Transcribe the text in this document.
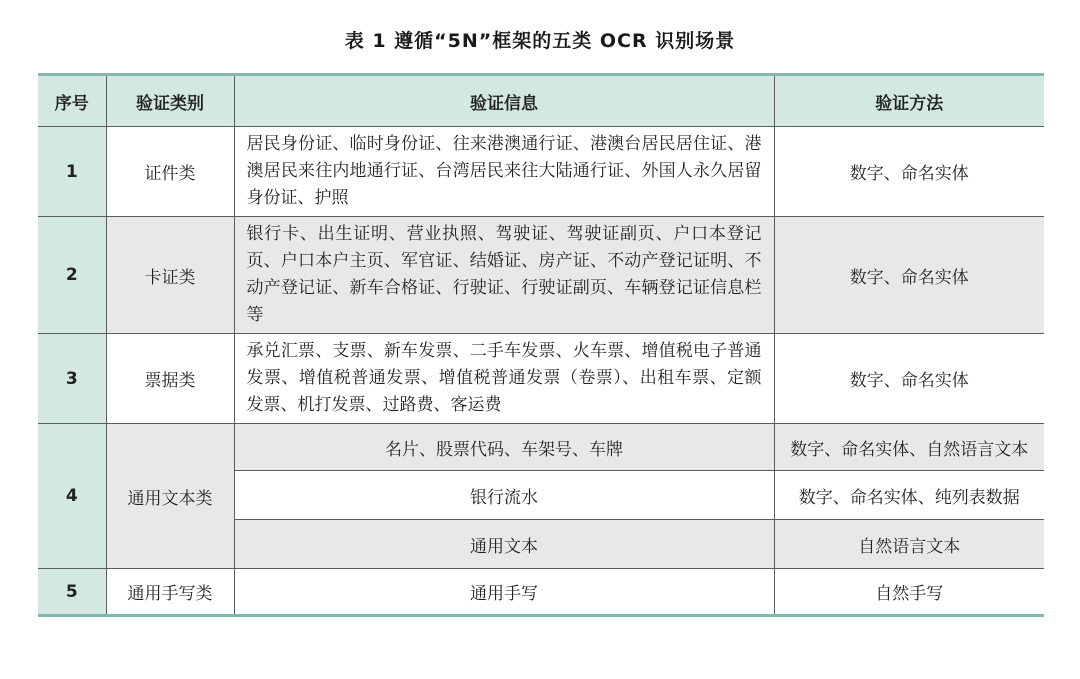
表 1 遵循“5N”框架的五类 OCR 识别场景
序号	验证类别	验证信息	验证方法
1	证件类	居民身份证、临时身份证、往来港澳通行证、港澳台居民居住证、港澳居民来往内地通行证、台湾居民来往大陆通行证、外国人永久居留身份证、护照	数字、命名实体
2	卡证类	银行卡、出生证明、营业执照、驾驶证、驾驶证副页、户口本登记页、户口本户主页、军官证、结婚证、房产证、不动产登记证明、不动产登记证、新车合格证、行驶证、行驶证副页、车辆登记证信息栏等	数字、命名实体
3	票据类	承兑汇票、支票、新车发票、二手车发票、火车票、增值税电子普通发票、增值税普通发票、增值税普通发票（卷票）、出租车票、定额发票、机打发票、过路费、客运费	数字、命名实体
4	通用文本类	名片、股票代码、车架号、车牌	数字、命名实体、自然语言文本
		银行流水	数字、命名实体、纯列表数据
		通用文本	自然语言文本
5	通用手写类	通用手写	自然手写
